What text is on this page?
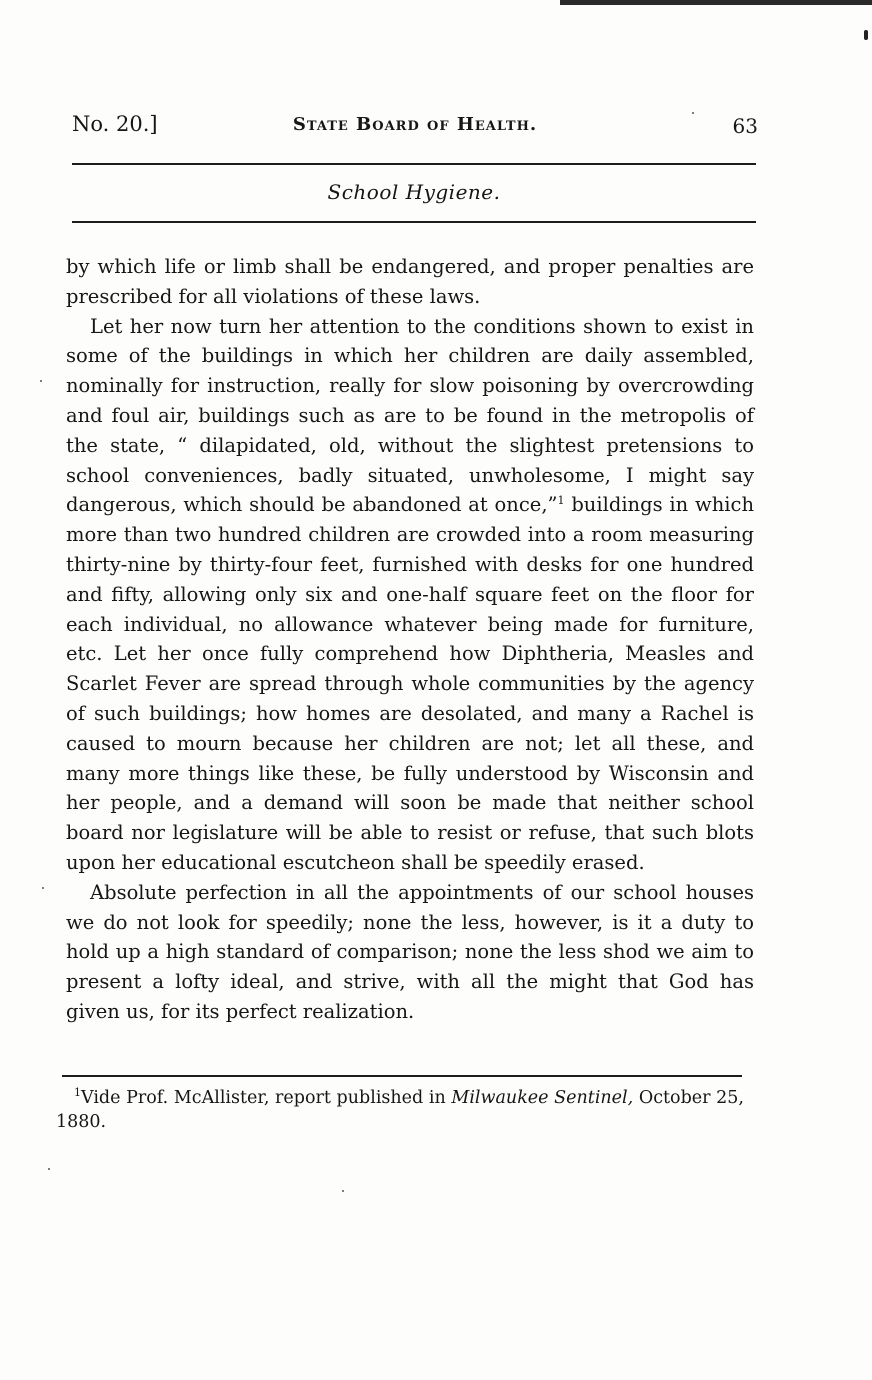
No. 20.]	State Board of Health.	63
School Hygiene.

by which life or limb shall be endangered, and proper penalties are prescribed for all violations of these laws.

Let her now turn her attention to the conditions shown to exist in some of the buildings in which her children are daily assembled, nominally for instruction, really for slow poisoning by overcrowding and foul air, buildings such as are to be found in the metropolis of the state, “ dilapidated, old, without the slightest pretensions to school conveniences, badly situated, unwholesome, I might say dangerous, which should be abandoned at once,”$^1$ buildings in which more than two hundred children are crowded into a room measuring thirty-nine by thirty-four feet, furnished with desks for one hundred and fifty, allowing only six and one-half square feet on the floor for each individual, no allowance whatever being made for furniture, etc. Let her once fully comprehend how Diphtheria, Measles and Scarlet Fever are spread through whole communities by the agency of such buildings; how homes are desolated, and many a Rachel is caused to mourn because her children are not; let all these, and many more things like these, be fully understood by Wisconsin and her people, and a demand will soon be made that neither school board nor legislature will be able to resist or refuse, that such blots upon her educational escutcheon shall be speedily erased.

Absolute perfection in all the appointments of our school houses we do not look for speedily; none the less, however, is it a duty to hold up a high standard of comparison; none the less shod we aim to present a lofty ideal, and strive, with all the might that God has given us, for its perfect realization.

$^1$Vide Prof. McAllister, report published in Milwaukee Sentinel, October 25, 1880.
